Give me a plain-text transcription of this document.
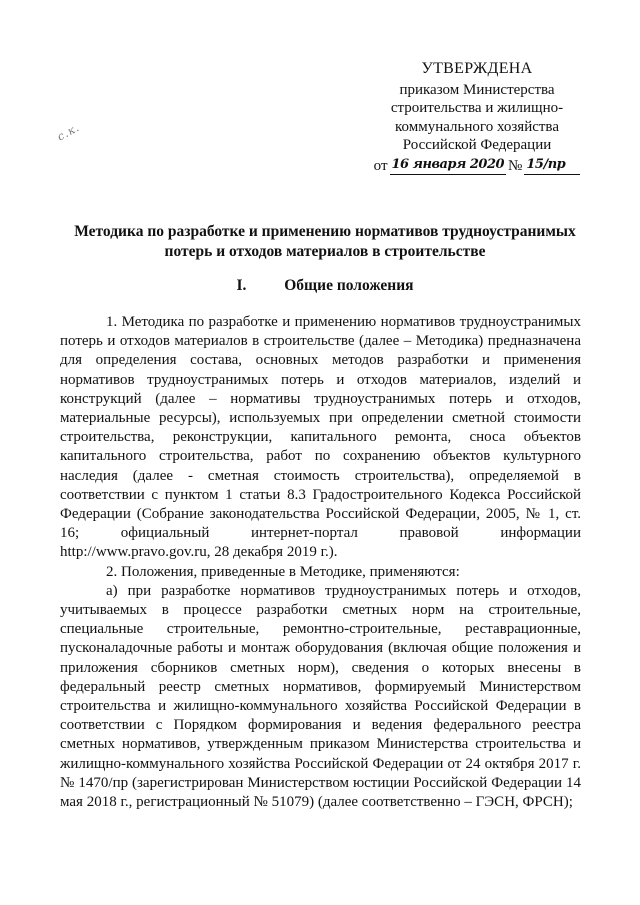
УТВЕРЖДЕНА
приказом Министерства
строительства и жилищно-
коммунального хозяйства
Российской Федерации
от 16 января 2020 № 15/пр
с.к.
Методика по разработке и применению нормативов трудноустранимых потерь и отходов материалов в строительстве
I. Общие положения

1. Методика по разработке и применению нормативов трудноустранимых потерь и отходов материалов в строительстве (далее – Методика) предназначена для определения состава, основных методов разработки и применения нормативов трудноустранимых потерь и отходов материалов, изделий и конструкций (далее – нормативы трудноустранимых потерь и отходов, материальные ресурсы), используемых при определении сметной стоимости строительства, реконструкции, капитального ремонта, сноса объектов капитального строительства, работ по сохранению объектов культурного наследия (далее - сметная стоимость строительства), определяемой в соответствии с пунктом 1 статьи 8.3 Градостроительного Кодекса Российской Федерации (Собрание законодательства Российской Федерации, 2005, № 1, ст. 16; официальный интернет-портал правовой информации http://www.pravo.gov.ru, 28 декабря 2019 г.).

2. Положения, приведенные в Методике, применяются:

а) при разработке нормативов трудноустранимых потерь и отходов, учитываемых в процессе разработки сметных норм на строительные, специальные строительные, ремонтно-строительные, реставрационные, пусконаладочные работы и монтаж оборудования (включая общие положения и приложения сборников сметных норм), сведения о которых внесены в федеральный реестр сметных нормативов, формируемый Министерством строительства и жилищно-коммунального хозяйства Российской Федерации в соответствии с Порядком формирования и ведения федерального реестра сметных нормативов, утвержденным приказом Министерства строительства и жилищно-коммунального хозяйства Российской Федерации от 24 октября 2017 г. № 1470/пр (зарегистрирован Министерством юстиции Российской Федерации 14 мая 2018 г., регистрационный № 51079) (далее соответственно – ГЭСН, ФРСН);
